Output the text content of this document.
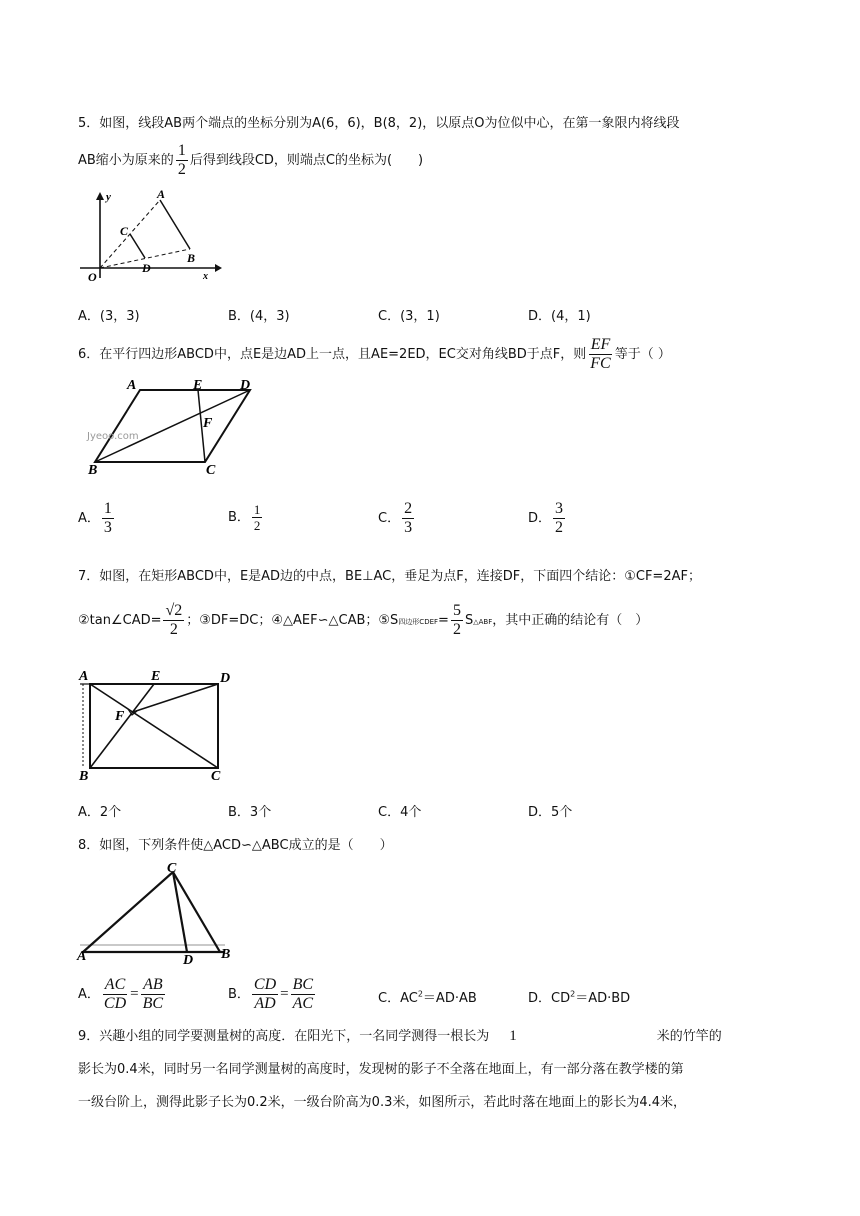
5．如图，线段AB两个端点的坐标分别为A(6，6)，B(8，2)，以原点O为位似中心，在第一象限内将线段
AB缩小为原来的 $\frac{1}{2}$ 后得到线段CD，则端点C的坐标为(　　)
y	A
C
B
O
D
x
A．(3，3)	B．(4，3)	C．(3，1)	D．(4，1)
6．在平行四边形ABCD中，点E是边AD上一点，且AE=2ED，EC交对角线BD于点F，则 $\frac{EF}{FC}$ 等于（ ）
A	E	D
F
B	C
Jyeoo.com
A． $\frac{1}{3}$	B． $\frac{1}{2}$	C． $\frac{2}{3}$	D． $\frac{3}{2}$
7．如图，在矩形ABCD中，E是AD边的中点，BE⊥AC，垂足为点F，连接DF，下面四个结论：①CF=2AF；
②tan∠CAD= $\frac{√2}{2}$ ；③DF=DC；④△AEF∽△CAB；⑤S四边形CDEF= $\frac{5}{2}$ S△ABF，其中正确的结论有（　）
A	E	D
F
B	C
A．2个	B．3个	C．4个	D．5个
8．如图，下列条件使△ACD∽△ABC成立的是（　　）
C
A	D B
A． $\frac{AC}{CD} = \frac{AB}{BC}$	B． $\frac{CD}{AD} = \frac{BC}{AC}$	C．$AC^2=AD\cdot AB$	D．$CD^2=AD\cdot BD$
9．兴趣小组的同学要测量树的高度．在阳光下，一名同学测得一根长为 1	米的竹竿的
影长为0.4米，同时另一名同学测量树的高度时，发现树的影子不全落在地面上，有一部分落在教学楼的第
一级台阶上，测得此影子长为0.2米，一级台阶高为0.3米，如图所示，若此时落在地面上的影长为4.4米，
